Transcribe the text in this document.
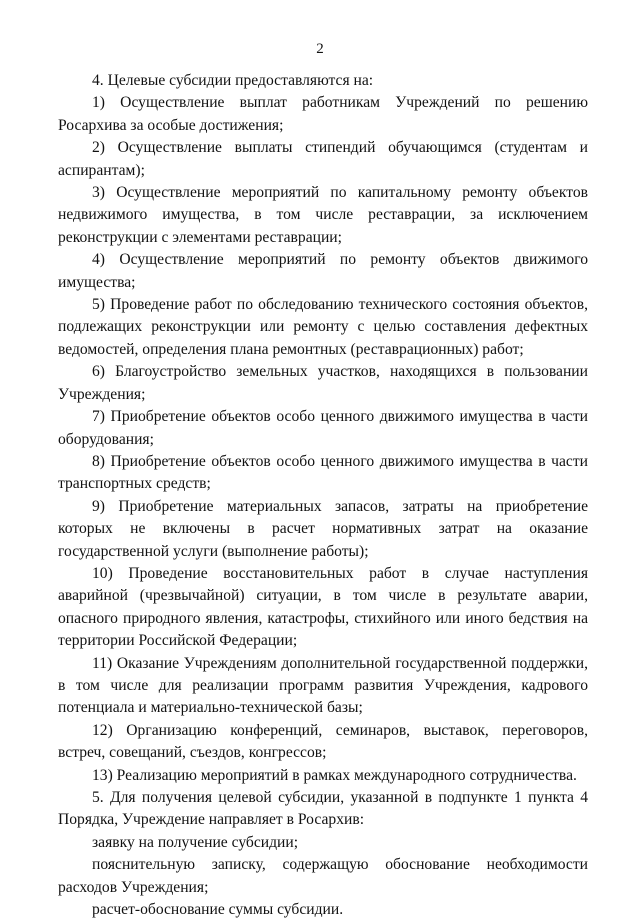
2

4. Целевые субсидии предоставляются на:

1) Осуществление выплат работникам Учреждений по решению Росархива за особые достижения;

2) Осуществление выплаты стипендий обучающимся (студентам и аспирантам);

3) Осуществление мероприятий по капитальному ремонту объектов недвижимого имущества, в том числе реставрации, за исключением реконструкции с элементами реставрации;

4) Осуществление мероприятий по ремонту объектов движимого имущества;

5) Проведение работ по обследованию технического состояния объектов, подлежащих реконструкции или ремонту с целью составления дефектных ведомостей, определения плана ремонтных (реставрационных) работ;

6) Благоустройство земельных участков, находящихся в пользовании Учреждения;

7) Приобретение объектов особо ценного движимого имущества в части оборудования;

8) Приобретение объектов особо ценного движимого имущества в части транспортных средств;

9) Приобретение материальных запасов, затраты на приобретение которых не включены в расчет нормативных затрат на оказание государственной услуги (выполнение работы);

10) Проведение восстановительных работ в случае наступления аварийной (чрезвычайной) ситуации, в том числе в результате аварии, опасного природного явления, катастрофы, стихийного или иного бедствия на территории Российской Федерации;

11) Оказание Учреждениям дополнительной государственной поддержки, в том числе для реализации программ развития Учреждения, кадрового потенциала и материально-технической базы;

12) Организацию конференций, семинаров, выставок, переговоров, встреч, совещаний, съездов, конгрессов;

13) Реализацию мероприятий в рамках международного сотрудничества.

5. Для получения целевой субсидии, указанной в подпункте 1 пункта 4 Порядка, Учреждение направляет в Росархив:

заявку на получение субсидии;

пояснительную записку, содержащую обоснование необходимости расходов Учреждения;

расчет-обоснование суммы субсидии.
